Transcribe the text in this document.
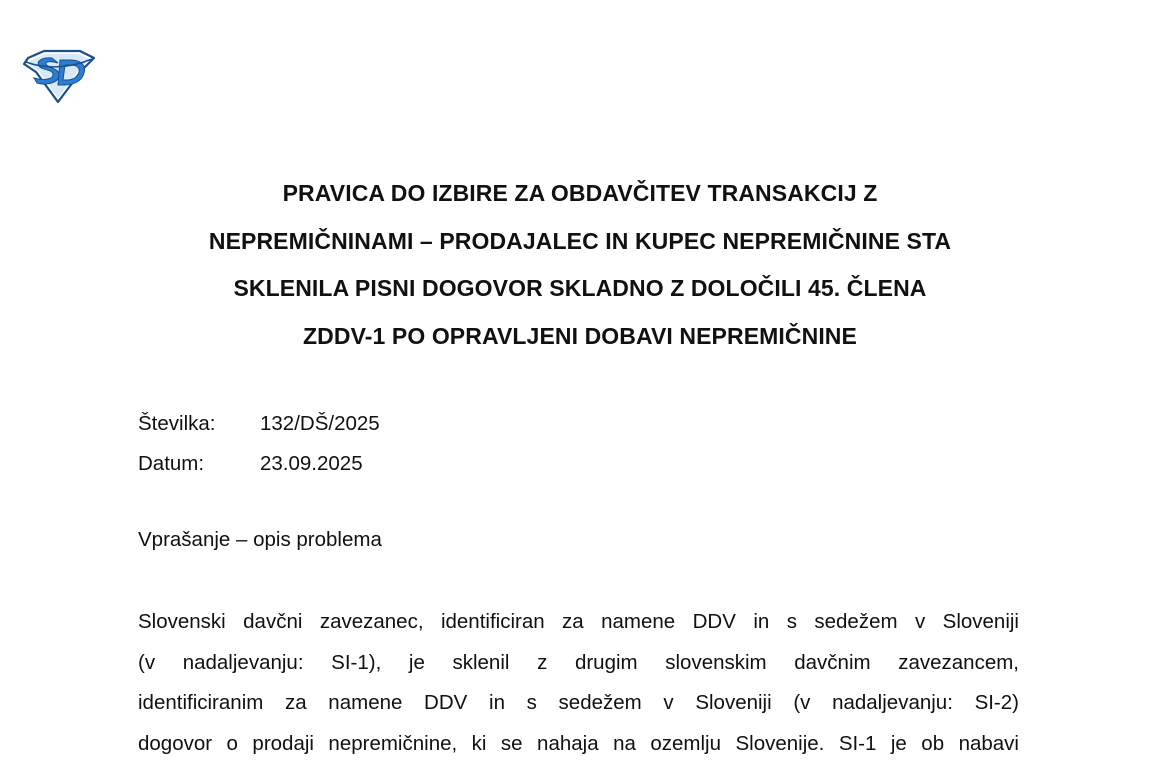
PRAVICA DO IZBIRE ZA OBDAVČITEV TRANSAKCIJ Z
NEPREMIČNINAMI – PRODAJALEC IN KUPEC NEPREMIČNINE STA
SKLENILA PISNI DOGOVOR SKLADNO Z DOLOČILI 45. ČLENA
ZDDV-1 PO OPRAVLJENI DOBAVI NEPREMIČNINE
Številka:	132/DŠ/2025
Datum:	23.09.2025
Vprašanje – opis problema
Slovenski davčni zavezanec, identificiran za namene DDV in s sedežem v Sloveniji
(v nadaljevanju: SI-1), je sklenil z drugim slovenskim davčnim zavezancem,
identificiranim za namene DDV in s sedežem v Sloveniji (v nadaljevanju: SI-2)
dogovor o prodaji nepremičnine, ki se nahaja na ozemlju Slovenije. SI-1 je ob nabavi
